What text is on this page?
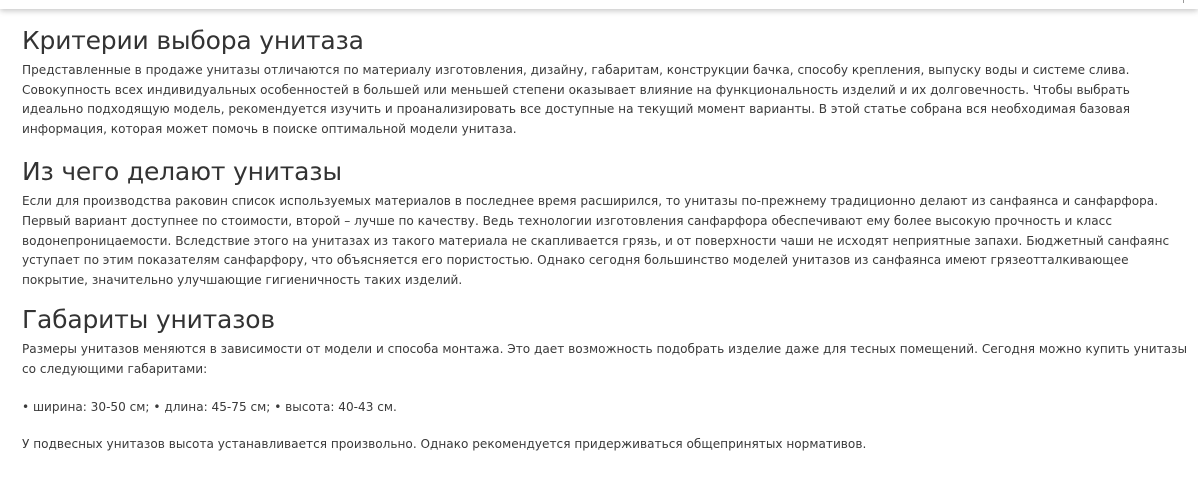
Критерии выбора унитаза

Представленные в продаже унитазы отличаются по материалу изготовления, дизайну, габаритам, конструкции бачка, способу крепления, выпуску воды и системе слива. Совокупность всех индивидуальных особенностей в большей или меньшей степени оказывает влияние на функциональность изделий и их долговечность. Чтобы выбрать идеально подходящую модель, рекомендуется изучить и проанализировать все доступные на текущий момент варианты. В этой статье собрана вся необходимая базовая информация, которая может помочь в поиске оптимальной модели унитаза.

Из чего делают унитазы

Если для производства раковин список используемых материалов в последнее время расширился, то унитазы по-прежнему традиционно делают из санфаянса и санфарфора. Первый вариант доступнее по стоимости, второй – лучше по качеству. Ведь технологии изготовления санфарфора обеспечивают ему более высокую прочность и класс водонепроницаемости. Вследствие этого на унитазах из такого материала не скапливается грязь, и от поверхности чаши не исходят неприятные запахи. Бюджетный санфаянс уступает по этим показателям санфарфору, что объясняется его пористостью. Однако сегодня большинство моделей унитазов из санфаянса имеют грязеотталкивающее покрытие, значительно улучшающие гигиеничность таких изделий.

Габариты унитазов

Размеры унитазов меняются в зависимости от модели и способа монтажа. Это дает возможность подобрать изделие даже для тесных помещений. Сегодня можно купить унитазы со следующими габаритами:

• ширина: 30-50 см; • длина: 45-75 см; • высота: 40-43 см.

У подвесных унитазов высота устанавливается произвольно. Однако рекомендуется придерживаться общепринятых нормативов.
